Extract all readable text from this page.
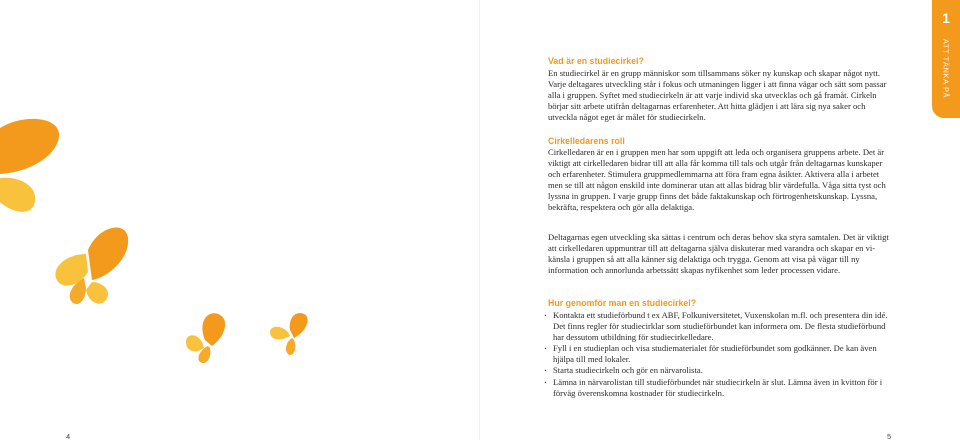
1
ATT TÄNKA PÅ
Vad är en studiecirkel?
En studiecirkel är en grupp människor som tillsammans söker ny kunskap och skapar något nytt. Varje deltagares utveckling står i fokus och utmaningen ligger i att finna vägar och sätt som passar alla i gruppen. Syftet med studiecirkeln är att varje individ ska utvecklas och gå framåt. Cirkeln börjar sitt arbete utifrån deltagarnas erfarenheter. Att hitta glädjen i att lära sig nya saker och utveckla något eget är målet för studiecirkeln.
Cirkelledarens roll
Cirkelledaren är en i gruppen men har som uppgift att leda och organisera gruppens arbete. Det är viktigt att cirkelledaren bidrar till att alla får komma till tals och utgår från deltagarnas kunskaper och erfarenheter. Stimulera gruppmedlemmarna att föra fram egna åsikter. Aktivera alla i arbetet men se till att någon enskild inte dominerar utan att allas bidrag blir värdefulla. Våga sitta tyst och lyssna in gruppen. I varje grupp finns det både faktakunskap och förtrogenhetskunskap. Lyssna, bekräfta, respektera och gör alla delaktiga.
Deltagarnas egen utveckling ska sättas i centrum och deras behov ska styra samtalen. Det är viktigt att cirkelledaren uppmuntrar till att deltagarna själva diskuterar med varandra och skapar en vi-känsla i gruppen så att alla känner sig delaktiga och trygga. Genom att visa på vägar till ny information och annorlunda arbetssätt skapas nyfikenhet som leder processen vidare.
Hur genomför man en studiecirkel?
· Kontakta ett studieförbund t ex ABF, Folkuniversitetet, Vuxenskolan m.fl. och presentera din idé. Det finns regler för studiecirklar som studieförbundet kan informera om. De flesta studieförbund har dessutom utbildning för studiecirkelledare.
· Fyll i en studieplan och visa studiematerialet för studieförbundet som godkänner. De kan även hjälpa till med lokaler.
· Starta studiecirkeln och gör en närvarolista.
· Lämna in närvarolistan till studieförbundet när studiecirkeln är slut. Lämna även in kvitton för i förväg överenskomna kostnader för studiecirkeln.
4	5
